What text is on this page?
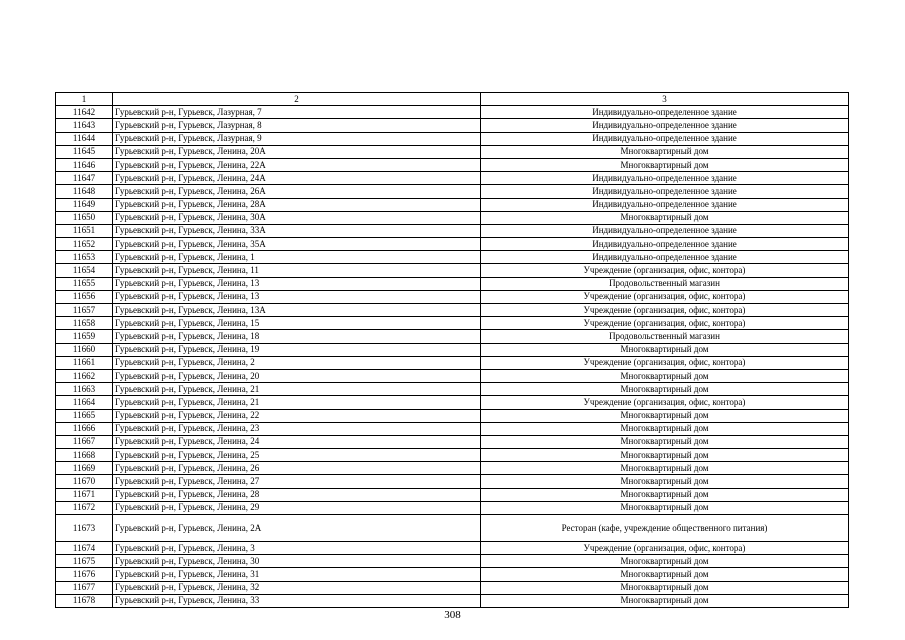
1	2	3
11642	Гурьевский р-н, Гурьевск, Лазурная, 7	Индивидуально-определенное здание
11643	Гурьевский р-н, Гурьевск, Лазурная, 8	Индивидуально-определенное здание
11644	Гурьевский р-н, Гурьевск, Лазурная, 9	Индивидуально-определенное здание
11645	Гурьевский р-н, Гурьевск, Ленина, 20А	Многоквартирный дом
11646	Гурьевский р-н, Гурьевск, Ленина, 22А	Многоквартирный дом
11647	Гурьевский р-н, Гурьевск, Ленина, 24А	Индивидуально-определенное здание
11648	Гурьевский р-н, Гурьевск, Ленина, 26А	Индивидуально-определенное здание
11649	Гурьевский р-н, Гурьевск, Ленина, 28А	Индивидуально-определенное здание
11650	Гурьевский р-н, Гурьевск, Ленина, 30А	Многоквартирный дом
11651	Гурьевский р-н, Гурьевск, Ленина, 33А	Индивидуально-определенное здание
11652	Гурьевский р-н, Гурьевск, Ленина, 35А	Индивидуально-определенное здание
11653	Гурьевский р-н, Гурьевск, Ленина, 1	Индивидуально-определенное здание
11654	Гурьевский р-н, Гурьевск, Ленина, 11	Учреждение (организация, офис, контора)
11655	Гурьевский р-н, Гурьевск, Ленина, 13	Продовольственный магазин
11656	Гурьевский р-н, Гурьевск, Ленина, 13	Учреждение (организация, офис, контора)
11657	Гурьевский р-н, Гурьевск, Ленина, 13А	Учреждение (организация, офис, контора)
11658	Гурьевский р-н, Гурьевск, Ленина, 15	Учреждение (организация, офис, контора)
11659	Гурьевский р-н, Гурьевск, Ленина, 18	Продовольственный магазин
11660	Гурьевский р-н, Гурьевск, Ленина, 19	Многоквартирный дом
11661	Гурьевский р-н, Гурьевск, Ленина, 2	Учреждение (организация, офис, контора)
11662	Гурьевский р-н, Гурьевск, Ленина, 20	Многоквартирный дом
11663	Гурьевский р-н, Гурьевск, Ленина, 21	Многоквартирный дом
11664	Гурьевский р-н, Гурьевск, Ленина, 21	Учреждение (организация, офис, контора)
11665	Гурьевский р-н, Гурьевск, Ленина, 22	Многоквартирный дом
11666	Гурьевский р-н, Гурьевск, Ленина, 23	Многоквартирный дом
11667	Гурьевский р-н, Гурьевск, Ленина, 24	Многоквартирный дом
11668	Гурьевский р-н, Гурьевск, Ленина, 25	Многоквартирный дом
11669	Гурьевский р-н, Гурьевск, Ленина, 26	Многоквартирный дом
11670	Гурьевский р-н, Гурьевск, Ленина, 27	Многоквартирный дом
11671	Гурьевский р-н, Гурьевск, Ленина, 28	Многоквартирный дом
11672	Гурьевский р-н, Гурьевск, Ленина, 29	Многоквартирный дом
11673	Гурьевский р-н, Гурьевск, Ленина, 2А	Ресторан (кафе, учреждение общественного питания)
11674	Гурьевский р-н, Гурьевск, Ленина, 3	Учреждение (организация, офис, контора)
11675	Гурьевский р-н, Гурьевск, Ленина, 30	Многоквартирный дом
11676	Гурьевский р-н, Гурьевск, Ленина, 31	Многоквартирный дом
11677	Гурьевский р-н, Гурьевск, Ленина, 32	Многоквартирный дом
11678	Гурьевский р-н, Гурьевск, Ленина, 33	Многоквартирный дом
308
